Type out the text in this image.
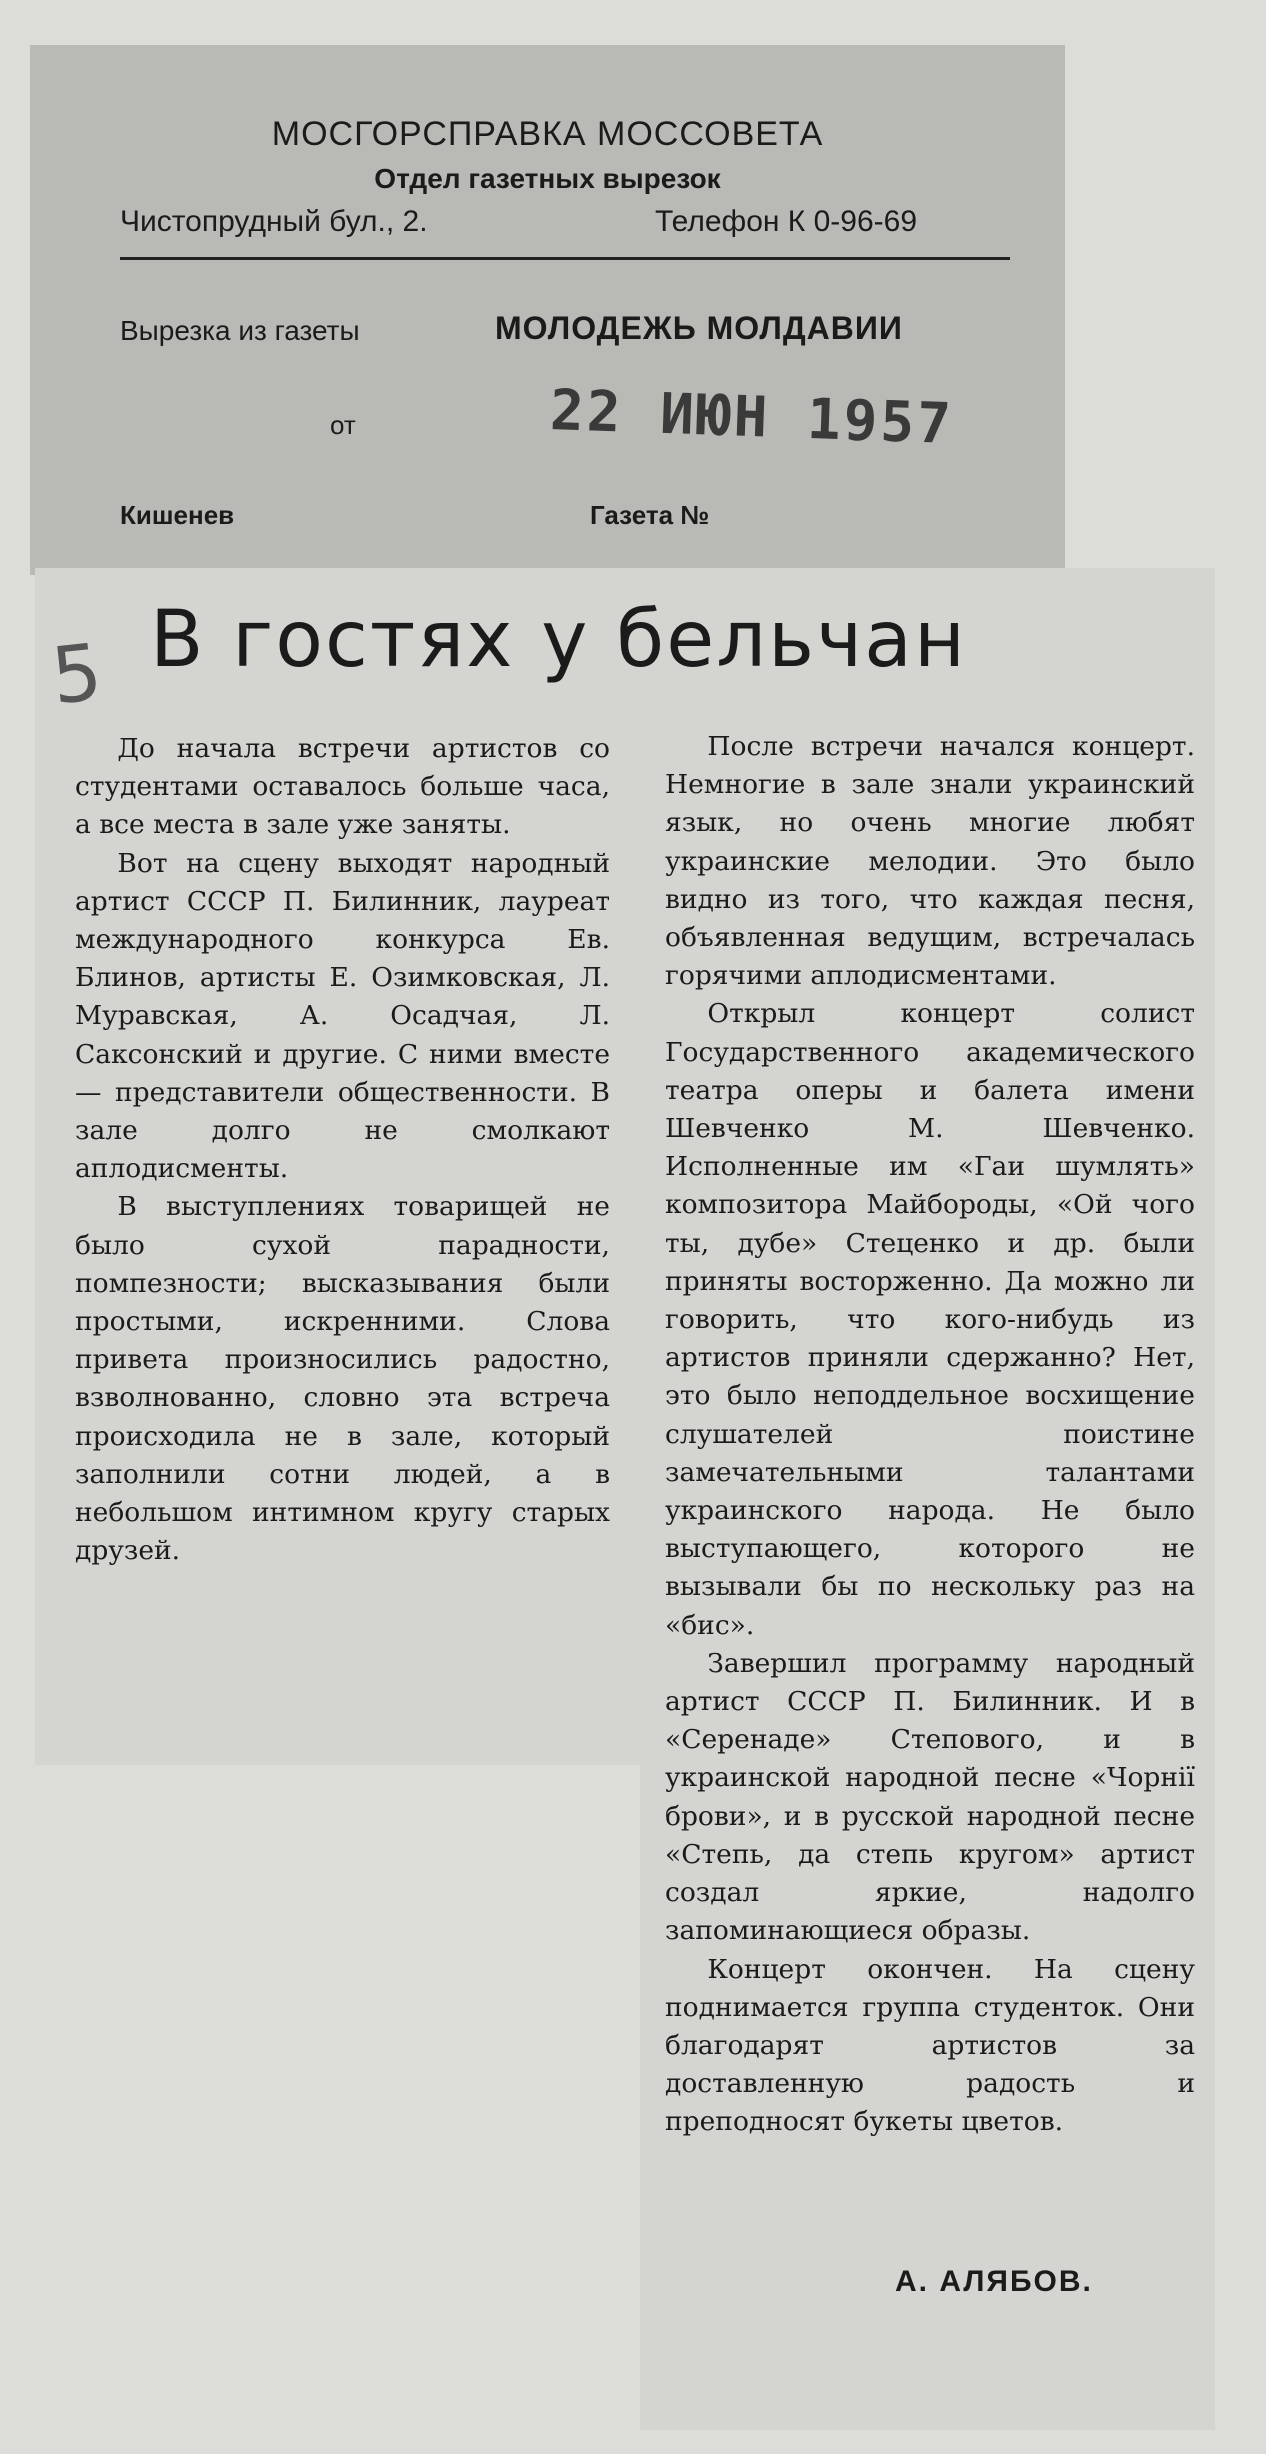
МОСГОРСПРАВКА МОССОВЕТА
Отдел газетных вырезок
Чистопрудный бул., 2.	Телефон К 0-96-69
Вырезка из газеты	МОЛОДЕЖЬ МОЛДАВИИ
от	22 ИЮН 1957
Кишенев	Газета №
5 В гостях у бельчан

До начала встречи артистов со студентами оставалось больше часа, а все места в зале уже заняты.

Вот на сцену выходят народный артист СССР П. Билинник, лауреат международного конкурса Ев. Блинов, артисты Е. Озимковская, Л. Муравская, А. Осадчая, Л. Саксонский и другие. С ними вместе — представители общественности. В зале долго не смолкают аплодисменты.

В выступлениях товарищей не было сухой парадности, помпезности; высказывания были простыми, искренними. Слова привета произносились радостно, взволнованно, словно эта встреча происходила не в зале, который заполнили сотни людей, а в небольшом интимном кругу старых друзей.

После встречи начался концерт. Немногие в зале знали украинский язык, но очень многие любят украинские мелодии. Это было видно из того, что каждая песня, объявленная ведущим, встречалась горячими аплодисментами.

Открыл концерт солист Государственного академического театра оперы и балета имени Шевченко М. Шевченко. Исполненные им «Гаи шумлять» композитора Майбороды, «Ой чого ты, дубе» Стеценко и др. были приняты восторженно. Да можно ли говорить, что кого-нибудь из артистов приняли сдержанно? Нет, это было неподдельное восхищение слушателей поистине замечательными талантами украинского народа. Не было выступающего, которого не вызывали бы по нескольку раз на «бис».

Завершил программу народный артист СССР П. Билинник. И в «Серенаде» Степового, и в украинской народной песне «Чорнії брови», и в русской народной песне «Степь, да степь кругом» артист создал яркие, надолго запоминающиеся образы.

Концерт окончен. На сцену поднимается группа студенток. Они благодарят артистов за доставленную радость и преподносят букеты цветов.

А. АЛЯБОВ.
